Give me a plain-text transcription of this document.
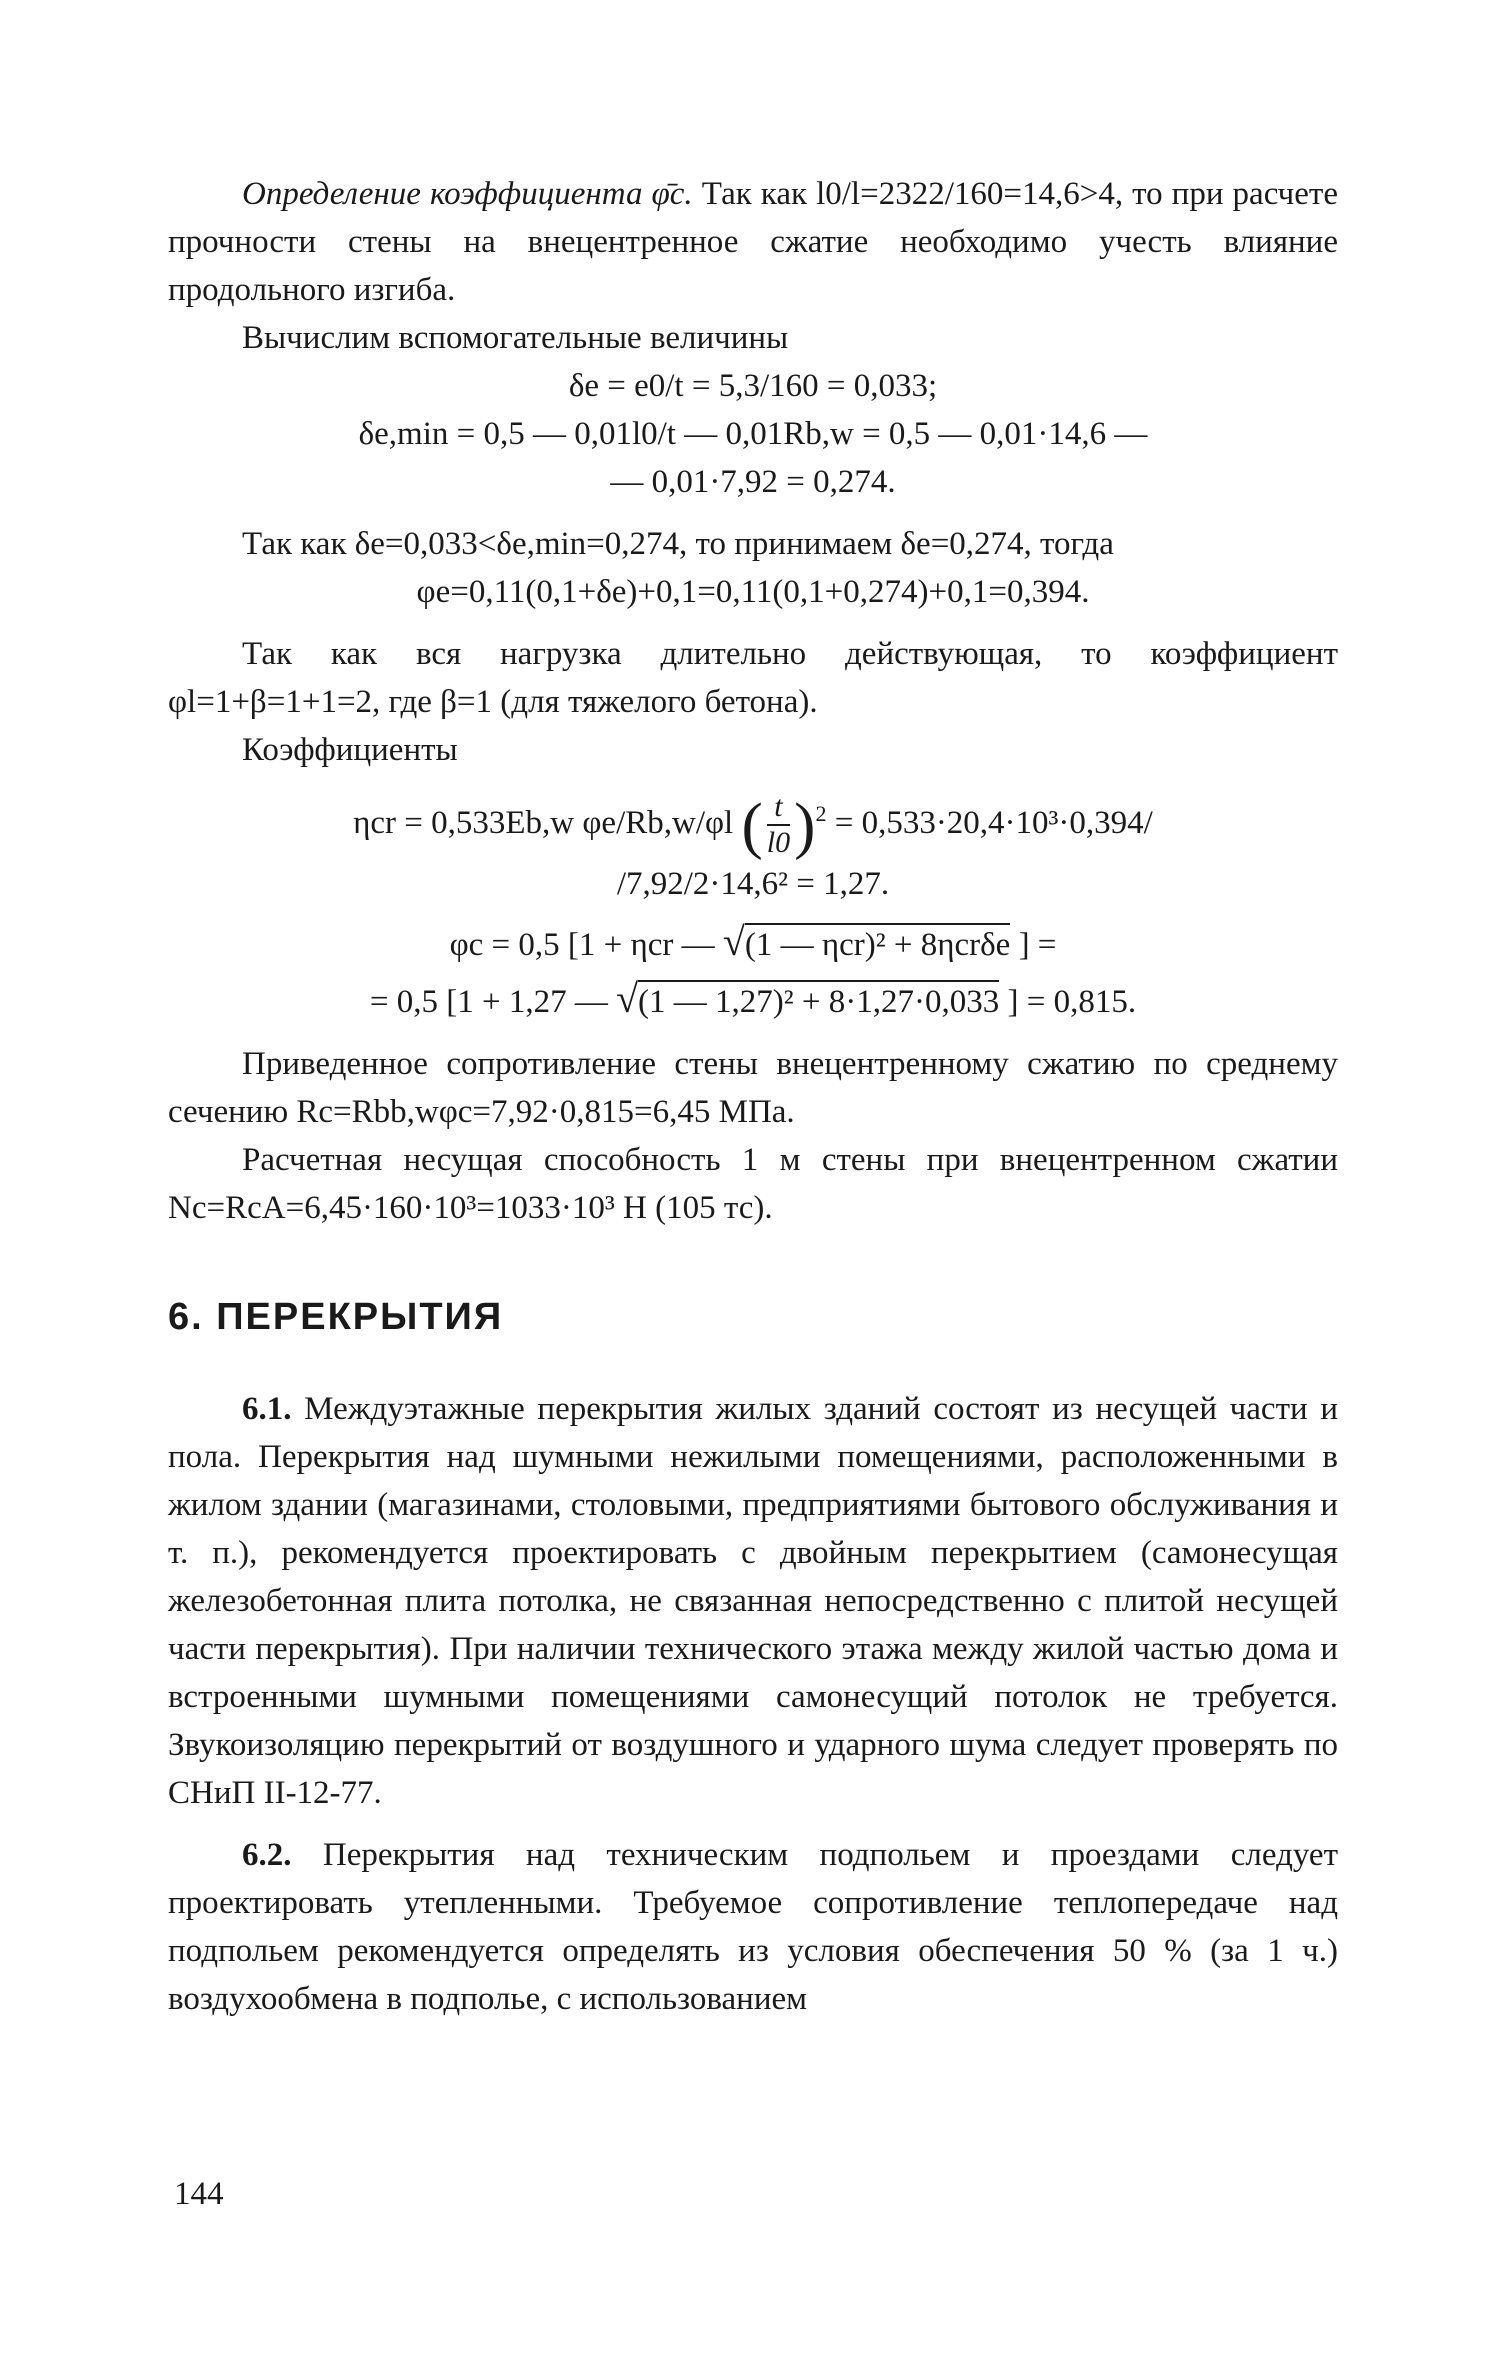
Определение коэффициента φ̄c. Так как l0/l=2322/160=14,6>4, то при расчете прочности стены на внецентренное сжатие необходимо учесть влияние продольного изгиба.

Вычислим вспомогательные величины

δe = e0/t = 5,3/160 = 0,033;
δe,min = 0,5 — 0,01l0/t — 0,01Rb,w = 0,5 — 0,01·14,6 —
— 0,01·7,92 = 0,274.

Так как δe=0,033<δe,min=0,274, то принимаем δe=0,274, тогда

φe=0,11(0,1+δe)+0,1=0,11(0,1+0,274)+0,1=0,394.

Так как вся нагрузка длительно действующая, то коэффициент φl=1+β=1+1=2, где β=1 (для тяжелого бетона).

Коэффициенты

ηcr = 0,533Eb,w φe/Rb,w/φl ( $\frac{t}{l0} )^2 = 0,533\cdot 20,4\cdot 10^3\cdot 0,394/$
/7,92/2·14,6² = 1,27.
φc = 0,5 [1 + ηcr — √(1 — ηcr)² + 8ηcrδe ] =
= 0,5 [1 + 1,27 — √(1 — 1,27)² + 8·1,27·0,033 ] = 0,815.

Приведенное сопротивление стены внецентренному сжатию по среднему сечению Rc=Rbb,wφc=7,92·0,815=6,45 МПа.

Расчетная несущая способность 1 м стены при внецентренном сжатии Nc=RcA=6,45·160·10³=1033·10³ Н (105 тс).

6. ПЕРЕКРЫТИЯ

6.1. Междуэтажные перекрытия жилых зданий состоят из несущей части и пола. Перекрытия над шумными нежилыми помещениями, расположенными в жилом здании (магазинами, столовыми, предприятиями бытового обслуживания и т. п.), рекомендуется проектировать с двойным перекрытием (самонесущая железобетонная плита потолка, не связанная непосредственно с плитой несущей части перекрытия). При наличии технического этажа между жилой частью дома и встроенными шумными помещениями самонесущий потолок не требуется. Звукоизоляцию перекрытий от воздушного и ударного шума следует проверять по СНиП II-12-77.

6.2. Перекрытия над техническим подпольем и проездами следует проектировать утепленными. Требуемое сопротивление теплопередаче над подпольем рекомендуется определять из условия обеспечения 50 % (за 1 ч.) воздухообмена в подполье, с использованием

144
